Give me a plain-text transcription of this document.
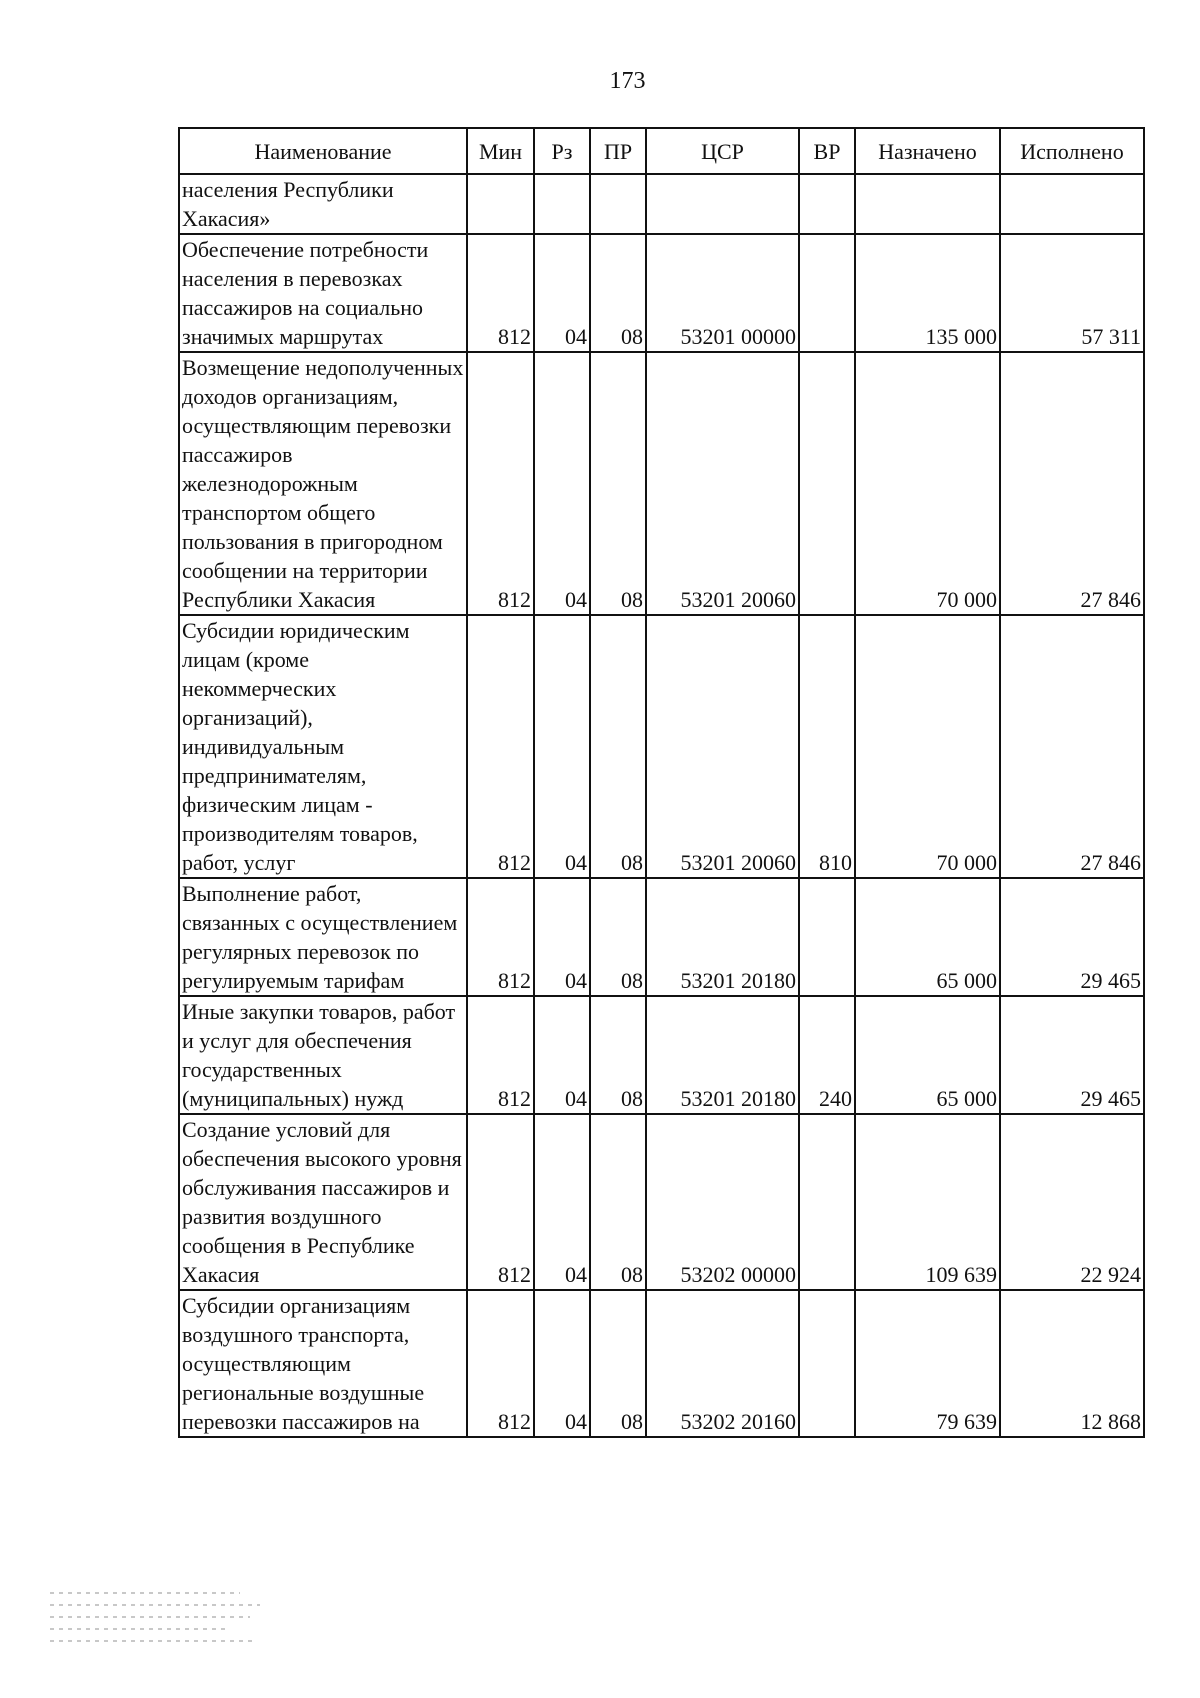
173
Наименование	Мин	Рз	ПР	ЦСР	ВР	Назначено	Исполнено
населения Республики Хакасия»							
Обеспечение потребности населения в перевозках пассажиров на социально значимых маршрутах	812	04	08	53201 00000		135 000	57 311
Возмещение недополученных доходов организациям, осуществляющим перевозки пассажиров железнодорожным транспортом общего пользования в пригородном сообщении на территории Республики Хакасия	812	04	08	53201 20060		70 000	27 846
Субсидии юридическим лицам (кроме некоммерческих организаций), индивидуальным предпринимателям, физическим лицам - производителям товаров, работ, услуг	812	04	08	53201 20060	810	70 000	27 846
Выполнение работ, связанных с осуществлением регулярных перевозок по регулируемым тарифам	812	04	08	53201 20180		65 000	29 465
Иные закупки товаров, работ и услуг для обеспечения государственных (муниципальных) нужд	812	04	08	53201 20180	240	65 000	29 465
Создание условий для обеспечения высокого уровня обслуживания пассажиров и развития воздушного сообщения в Республике Хакасия	812	04	08	53202 00000		109 639	22 924
Субсидии организациям воздушного транспорта, осуществляющим региональные воздушные перевозки пассажиров на	812	04	08	53202 20160		79 639	12 868
